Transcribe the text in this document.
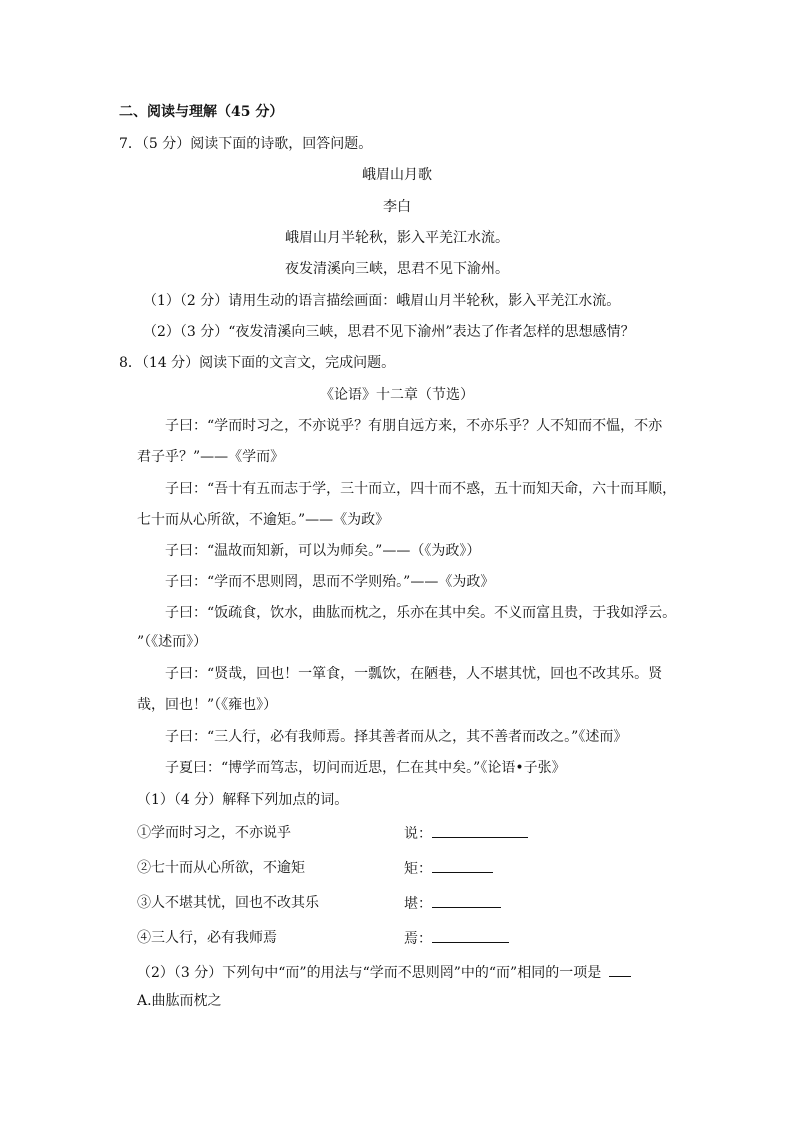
二、阅读与理解（45 分）
7．（5 分）阅读下面的诗歌，回答问题。
峨眉山月歌
李白
峨眉山月半轮秋，影入平羌江水流。
夜发清溪向三峡，思君不见下渝州。
（1）（2 分）请用生动的语言描绘画面：峨眉山月半轮秋，影入平羌江水流。
（2）（3 分）“夜发清溪向三峡，思君不见下渝州”表达了作者怎样的思想感情？
8．（14 分）阅读下面的文言文，完成问题。
《论语》十二章（节选）
子曰：“学而时习之，不亦说乎？有朋自远方来，不亦乐乎？人不知而不愠，不亦
君子乎？”——《学而》
子曰：“吾十有五而志于学，三十而立，四十而不惑，五十而知天命，六十而耳顺，
七十而从心所欲，不逾矩。”——《为政》
子曰：“温故而知新，可以为师矣。”——（《为政》）
子曰：“学而不思则罔，思而不学则殆。”——《为政》
子曰：“饭疏食，饮水，曲肱而枕之，乐亦在其中矣。不义而富且贵，于我如浮云。
”（《述而》）
子曰：“贤哉，回也！一箪食，一瓢饮，在陋巷，人不堪其忧，回也不改其乐。贤
哉，回也！”（《雍也》）
子曰：“三人行，必有我师焉。择其善者而从之，其不善者而改之。”《述而》
子夏曰：“博学而笃志，切问而近思，仁在其中矣。”《论语•子张》
（1）（4 分）解释下列加点的词。
①学而时习之，不亦说乎	说：
②七十而从心所欲，不逾矩	矩：
③人不堪其忧，回也不改其乐	堪：
④三人行，必有我师焉	焉：
（2）（3 分）下列句中“而”的用法与“学而不思则罔”中的“而”相同的一项是
A.曲肱而枕之
